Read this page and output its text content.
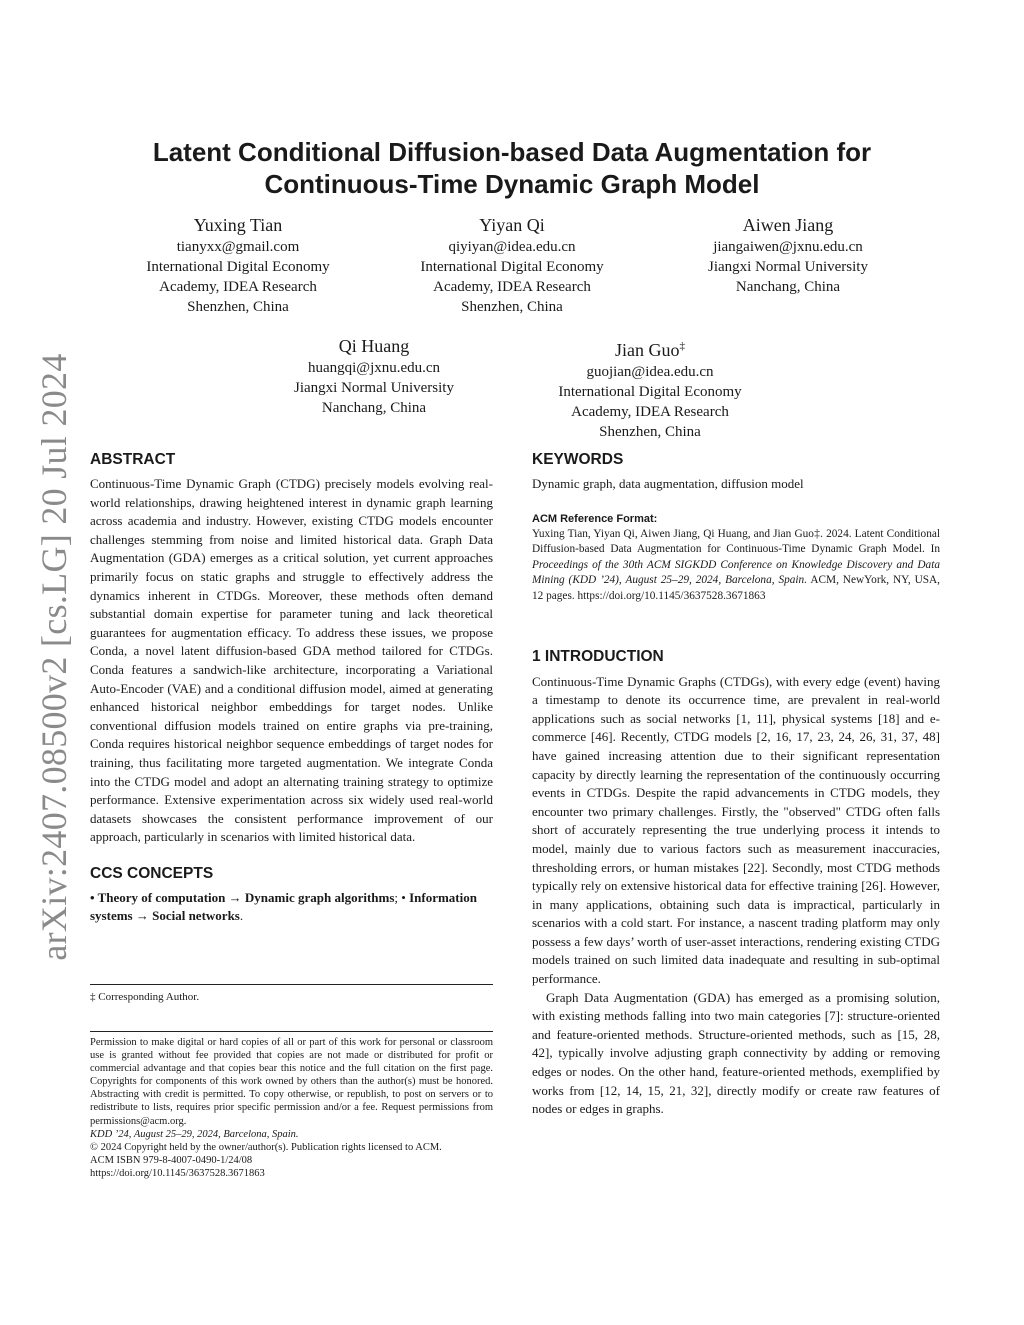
arXiv:2407.08500v2 [cs.LG] 20 Jul 2024
Latent Conditional Diffusion-based Data Augmentation for
Continuous-Time Dynamic Graph Model
Yuxing Tian
tianyxx@gmail.com
International Digital Economy
Academy, IDEA Research
Shenzhen, China
Yiyan Qi
qiyiyan@idea.edu.cn
International Digital Economy
Academy, IDEA Research
Shenzhen, China
Aiwen Jiang
jiangaiwen@jxnu.edu.cn
Jiangxi Normal University
Nanchang, China
Qi Huang
huangqi@jxnu.edu.cn
Jiangxi Normal University
Nanchang, China
Jian Guo‡
guojian@idea.edu.cn
International Digital Economy
Academy, IDEA Research
Shenzhen, China
ABSTRACT

Continuous-Time Dynamic Graph (CTDG) precisely models evolving real-world relationships, drawing heightened interest in dynamic graph learning across academia and industry. However, existing CTDG models encounter challenges stemming from noise and limited historical data. Graph Data Augmentation (GDA) emerges as a critical solution, yet current approaches primarily focus on static graphs and struggle to effectively address the dynamics inherent in CTDGs. Moreover, these methods often demand substantial domain expertise for parameter tuning and lack theoretical guarantees for augmentation efficacy. To address these issues, we propose Conda, a novel latent diffusion-based GDA method tailored for CTDGs. Conda features a sandwich-like architecture, incorporating a Variational Auto-Encoder (VAE) and a conditional diffusion model, aimed at generating enhanced historical neighbor embeddings for target nodes. Unlike conventional diffusion models trained on entire graphs via pre-training, Conda requires historical neighbor sequence embeddings of target nodes for training, thus facilitating more targeted augmentation. We integrate Conda into the CTDG model and adopt an alternating training strategy to optimize performance. Extensive experimentation across six widely used real-world datasets showcases the consistent performance improvement of our approach, particularly in scenarios with limited historical data.

CCS CONCEPTS

• Theory of computation → Dynamic graph algorithms; • Information systems → Social networks.

‡ Corresponding Author.

Permission to make digital or hard copies of all or part of this work for personal or classroom use is granted without fee provided that copies are not made or distributed for profit or commercial advantage and that copies bear this notice and the full citation on the first page. Copyrights for components of this work owned by others than the author(s) must be honored. Abstracting with credit is permitted. To copy otherwise, or republish, to post on servers or to redistribute to lists, requires prior specific permission and/or a fee. Request permissions from permissions@acm.org.

KDD ’24, August 25–29, 2024, Barcelona, Spain.

© 2024 Copyright held by the owner/author(s). Publication rights licensed to ACM.

ACM ISBN 979-8-4007-0490-1/24/08

https://doi.org/10.1145/3637528.3671863

KEYWORDS

Dynamic graph, data augmentation, diffusion model

ACM Reference Format:

Yuxing Tian, Yiyan Qi, Aiwen Jiang, Qi Huang, and Jian Guo‡. 2024. Latent Conditional Diffusion-based Data Augmentation for Continuous-Time Dynamic Graph Model. In Proceedings of the 30th ACM SIGKDD Conference on Knowledge Discovery and Data Mining (KDD ’24), August 25–29, 2024, Barcelona, Spain. ACM, NewYork, NY, USA, 12 pages. https://doi.org/10.1145/3637528.3671863

1 INTRODUCTION

Continuous-Time Dynamic Graphs (CTDGs), with every edge (event) having a timestamp to denote its occurrence time, are prevalent in real-world applications such as social networks [1, 11], physical systems [18] and e-commerce [46]. Recently, CTDG models [2, 16, 17, 23, 24, 26, 31, 37, 48] have gained increasing attention due to their significant representation capacity by directly learning the representation of the continuously occurring events in CTDGs. Despite the rapid advancements in CTDG models, they encounter two primary challenges. Firstly, the "observed" CTDG often falls short of accurately representing the true underlying process it intends to model, mainly due to various factors such as measurement inaccuracies, thresholding errors, or human mistakes [22]. Secondly, most CTDG methods typically rely on extensive historical data for effective training [26]. However, in many applications, obtaining such data is impractical, particularly in scenarios with a cold start. For instance, a nascent trading platform may only possess a few days’ worth of user-asset interactions, rendering existing CTDG models trained on such limited data inadequate and resulting in sub-optimal performance.

Graph Data Augmentation (GDA) has emerged as a promising solution, with existing methods falling into two main categories [7]: structure-oriented and feature-oriented methods. Structure-oriented methods, such as [15, 28, 42], typically involve adjusting graph connectivity by adding or removing edges or nodes. On the other hand, feature-oriented methods, exemplified by works from [12, 14, 15, 21, 32], directly modify or create raw features of nodes or edges in graphs.
